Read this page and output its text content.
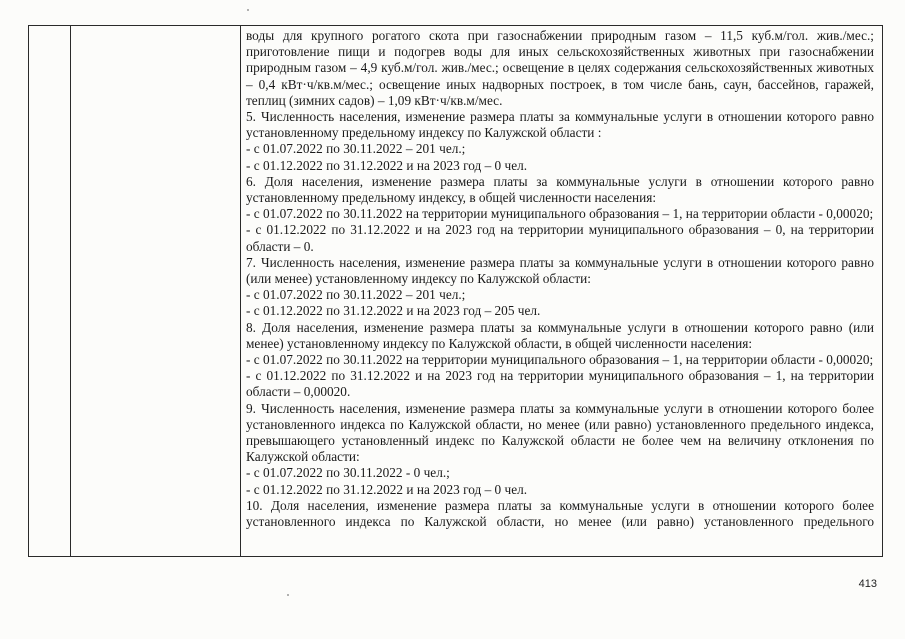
воды для крупного рогатого скота при газоснабжении природным газом – 11,5 куб.м/гол. жив./мес.; приготовление пищи и подогрев воды для иных сельскохозяйственных животных при газоснабжении природным газом – 4,9 куб.м/гол. жив./мес.; освещение в целях содержания сельскохозяйственных животных – 0,4 кВт·ч/кв.м/мес.; освещение иных надворных построек, в том числе бань, саун, бассейнов, гаражей, теплиц (зимних садов) – 1,09 кВт·ч/кв.м/мес.

5. Численность населения, изменение размера платы за коммунальные услуги в отношении которого равно установленному предельному индексу по Калужской области :

- с 01.07.2022 по 30.11.2022 – 201 чел.;

- с 01.12.2022 по 31.12.2022 и на 2023 год – 0 чел.

6. Доля населения, изменение размера платы за коммунальные услуги в отношении которого равно установленному предельному индексу, в общей численности населения:

- с 01.07.2022 по 30.11.2022 на территории муниципального образования – 1, на территории области - 0,00020;

- с 01.12.2022 по 31.12.2022 и на 2023 год на территории муниципального образования – 0, на территории области – 0.

7. Численность населения, изменение размера платы за коммунальные услуги в отношении которого равно (или менее) установленному индексу по Калужской области:

- с 01.07.2022 по 30.11.2022 – 201 чел.;

- с 01.12.2022 по 31.12.2022 и на 2023 год – 205 чел.

8. Доля населения, изменение размера платы за коммунальные услуги в отношении которого равно (или менее) установленному индексу по Калужской области, в общей численности населения:

- с 01.07.2022 по 30.11.2022 на территории муниципального образования – 1, на территории области - 0,00020;

- с 01.12.2022 по 31.12.2022 и на 2023 год на территории муниципального образования – 1, на территории области – 0,00020.

9. Численность населения, изменение размера платы за коммунальные услуги в отношении которого более установленного индекса по Калужской области, но менее (или равно) установленного предельного индекса, превышающего установленный индекс по Калужской области не более чем на величину отклонения по Калужской области:

- с 01.07.2022 по 30.11.2022 - 0 чел.;

- с 01.12.2022 по 31.12.2022 и на 2023 год – 0 чел.

10. Доля населения, изменение размера платы за коммунальные услуги в отношении которого более установленного индекса по Калужской области, но менее (или равно) установленного предельного

413
